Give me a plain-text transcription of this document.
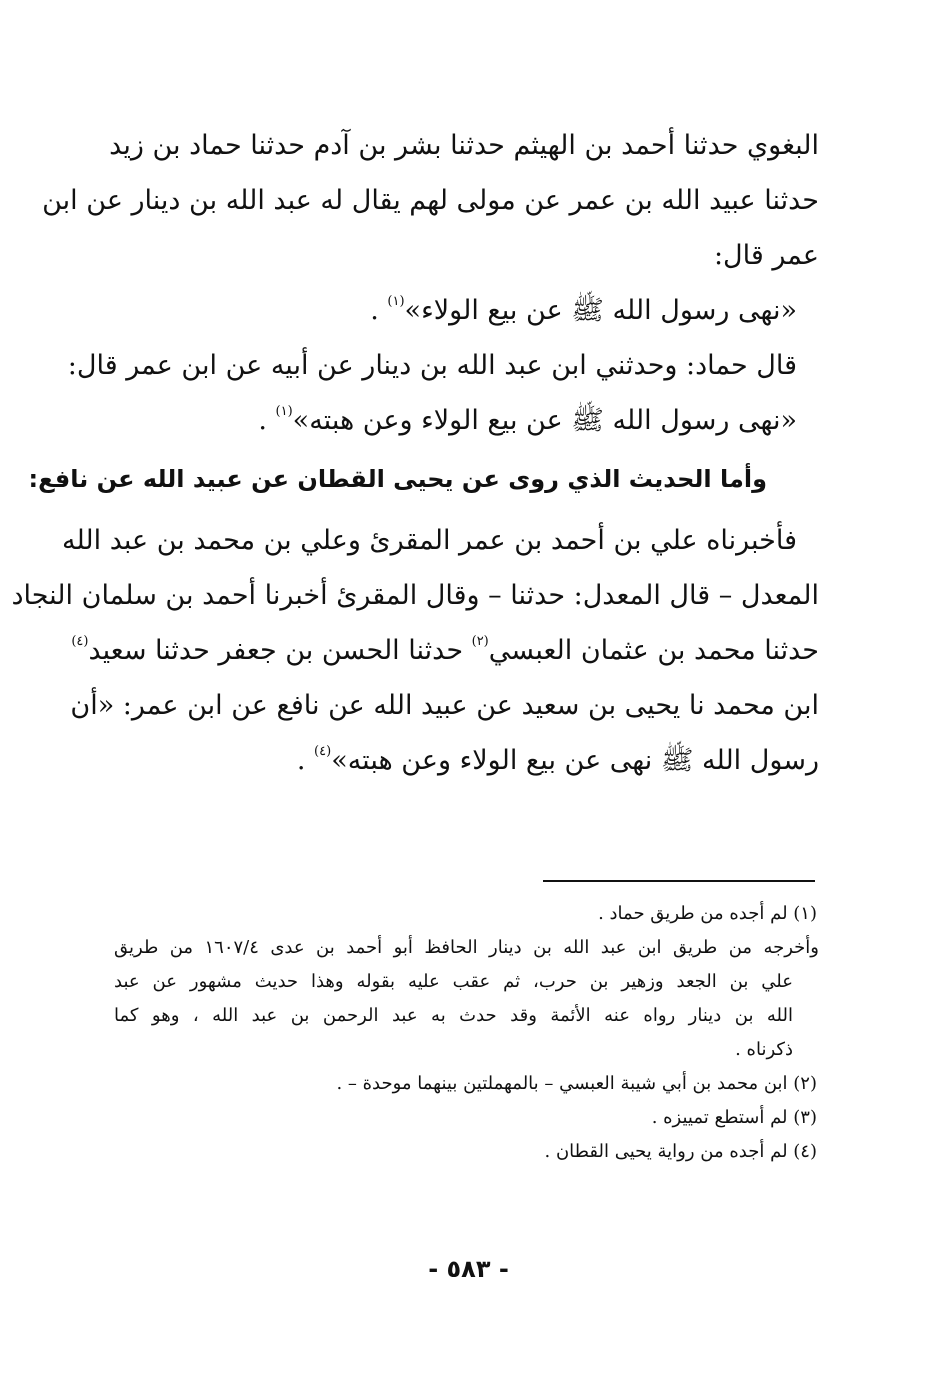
البغوي حدثنا أحمد بن الهيثم حدثنا بشر بن آدم حدثنا حماد بن زيد
حدثنا عبيد الله بن عمر عن مولى لهم يقال له عبد الله بن دينار عن ابن
عمر قال:
«نهى رسول الله ﷺ عن بيع الولاء»$^{(١)}$ .
قال حماد: وحدثني ابن عبد الله بن دينار عن أبيه عن ابن عمر قال:
«نهى رسول الله ﷺ عن بيع الولاء وعن هبته»$^{(١)}$ .
وأما الحديث الذي روى عن يحيى القطان عن عبيد الله عن نافع:
فأخبرناه علي بن أحمد بن عمر المقرئ وعلي بن محمد بن عبد الله
المعدل – قال المعدل: حدثنا – وقال المقرئ أخبرنا أحمد بن سلمان النجاد
حدثنا محمد بن عثمان العبسي$^{(٢)}$ حدثنا الحسن بن جعفر حدثنا سعيد$^{(٤)}$
ابن محمد نا يحيى بن سعيد عن عبيد الله عن نافع عن ابن عمر: «أن
رسول الله ﷺ نهى عن بيع الولاء وعن هبته»$^{(٤)}$ .
(١) لم أجده من طريق حماد .
وأخرجه من طريق ابن عبد الله بن دينار الحافظ أبو أحمد بن عدى ١٦٠٧/٤ من طريق
علي بن الجعد وزهير بن حرب، ثم عقب عليه بقوله وهذا حديث مشهور عن عبد
الله بن دينار رواه عنه الأئمة وقد حدث به عبد الرحمن بن عبد الله ، وهو كما
ذكرناه .
(٢) ابن محمد بن أبي شيبة العبسي – بالمهملتين بينهما موحدة – .
(٣) لم أستطع تمييزه .
(٤) لم أجده من رواية يحيى القطان .
- ٥٨٣ -
